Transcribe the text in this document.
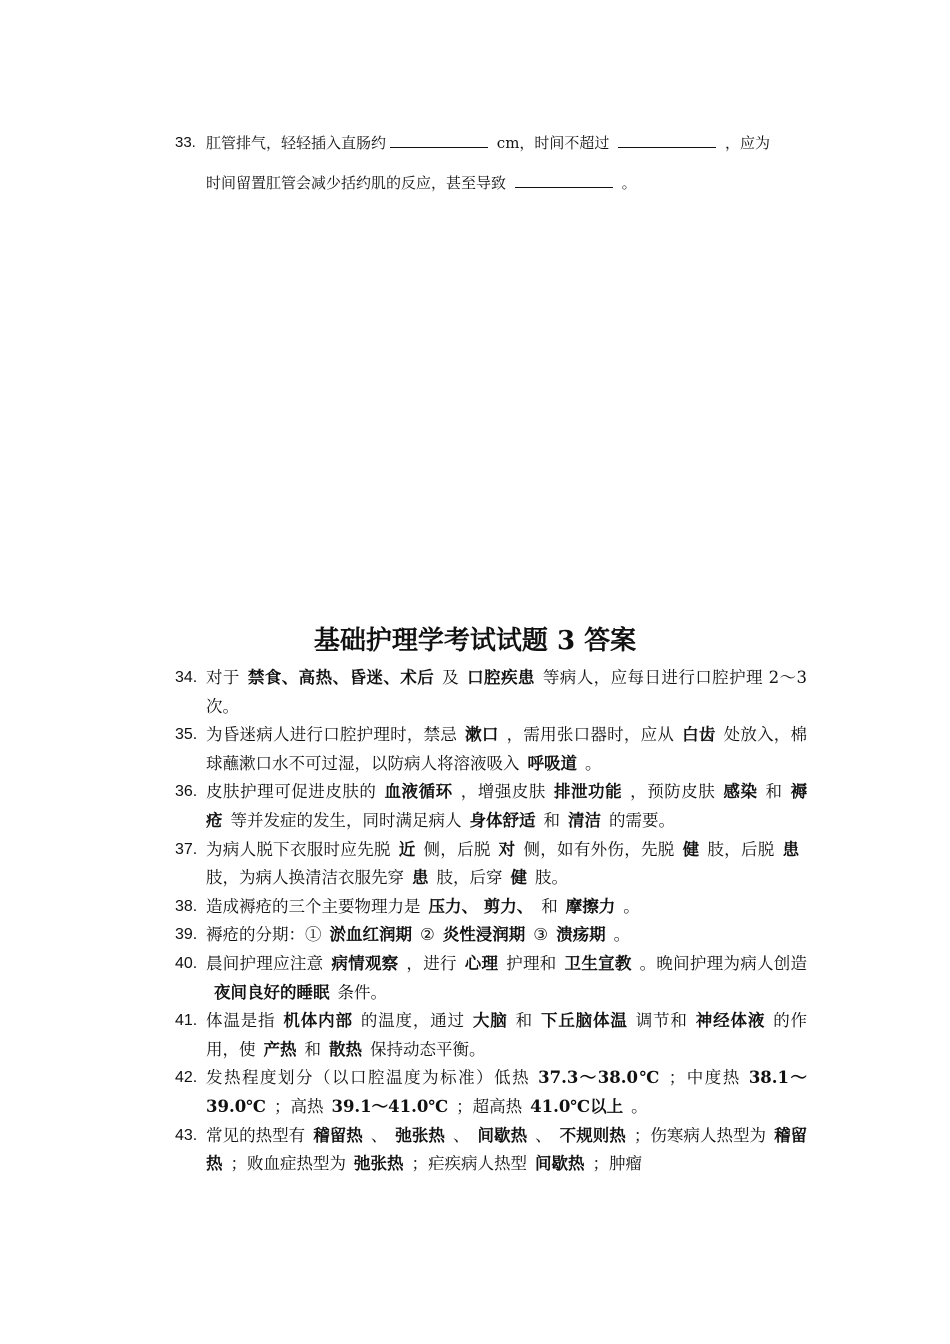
33. 肛管排气，轻轻插入直肠约	cm，时间不超过	，应为
时间留置肛管会减少括约肌的反应，甚至导致	。
基础护理学考试试题 3 答案
34. 对于 禁食、高热、昏迷、术后 及 口腔疾患 等病人，应每日进行口腔护理 2～3 次。
35. 为昏迷病人进行口腔护理时，禁忌 漱口 ，需用张口器时，应从 白齿 处放入，棉球蘸漱口水不可过湿，以防病人将溶液吸入 呼吸道 。
36. 皮肤护理可促进皮肤的 血液循环 ，增强皮肤 排泄功能 ，预防皮肤 感染 和 褥疮 等并发症的发生，同时满足病人 身体舒适 和 清洁 的需要。
37. 为病人脱下衣服时应先脱 近 侧，后脱 对 侧，如有外伤，先脱 健 肢，后脱 患肢，为病人换清洁衣服先穿 患 肢，后穿 健 肢。
38. 造成褥疮的三个主要物理力是 压力、 剪力、 和 摩擦力 。
39. 褥疮的分期：① 淤血红润期 ② 炎性浸润期 ③ 溃疡期 。
40. 晨间护理应注意 病情观察 ，进行 心理 护理和 卫生宣教 。晚间护理为病人创造夜间良好的睡眠 条件。
41. 体温是指 机体内部 的温度，通过 大脑 和 下丘脑体温 调节和 神经体液 的作用，使 产热 和 散热 保持动态平衡。
42. 发热程度划分（以口腔温度为标准）低热 37.3～38.0℃ ；中度热 38.1～39.0℃ ；高热 39.1～41.0℃ ；超高热 41.0℃以上 。
43. 常见的热型有 稽留热 、 弛张热 、 间歇热 、 不规则热 ；伤寒病人热型为 稽留热 ；败血症热型为 弛张热 ；疟疾病人热型 间歇热 ；肿瘤
